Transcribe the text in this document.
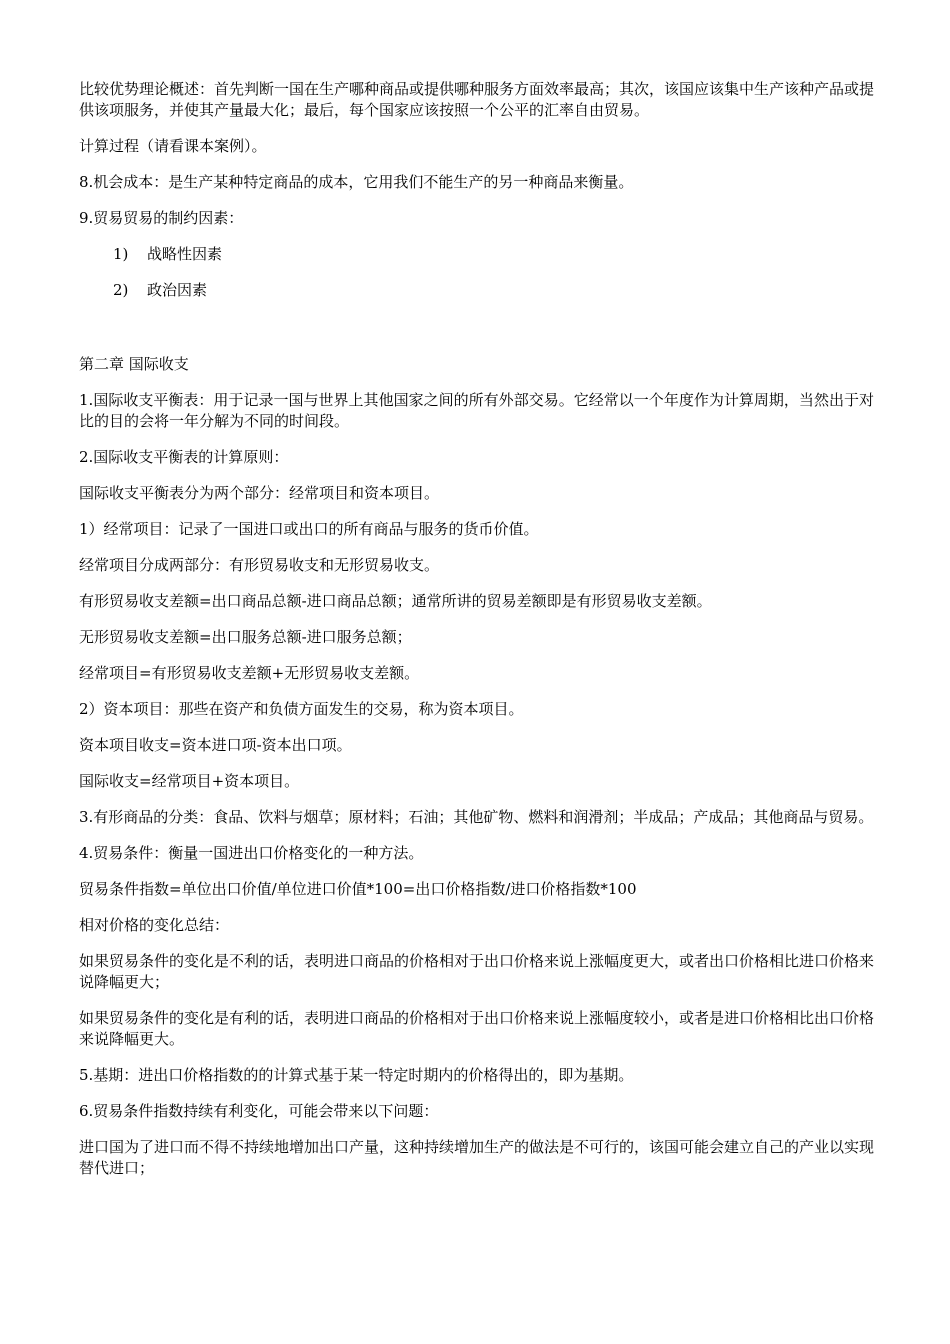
比较优势理论概述：首先判断一国在生产哪种商品或提供哪种服务方面效率最高；其次，该国应该集中生产该种产品或提供该项服务，并使其产量最大化；最后，每个国家应该按照一个公平的汇率自由贸易。

计算过程（请看课本案例）。

8.机会成本：是生产某种特定商品的成本，它用我们不能生产的另一种商品来衡量。

9.贸易贸易的制约因素：

1)	战略性因素
2)	政治因素

第二章 国际收支

1.国际收支平衡表：用于记录一国与世界上其他国家之间的所有外部交易。它经常以一个年度作为计算周期，当然出于对比的目的会将一年分解为不同的时间段。

2.国际收支平衡表的计算原则：

国际收支平衡表分为两个部分：经常项目和资本项目。

1）经常项目：记录了一国进口或出口的所有商品与服务的货币价值。

经常项目分成两部分：有形贸易收支和无形贸易收支。

有形贸易收支差额=出口商品总额-进口商品总额；通常所讲的贸易差额即是有形贸易收支差额。

无形贸易收支差额=出口服务总额-进口服务总额；

经常项目=有形贸易收支差额+无形贸易收支差额。

2）资本项目：那些在资产和负债方面发生的交易，称为资本项目。

资本项目收支=资本进口项-资本出口项。

国际收支=经常项目+资本项目。

3.有形商品的分类：食品、饮料与烟草；原材料；石油；其他矿物、燃料和润滑剂；半成品；产成品；其他商品与贸易。

4.贸易条件：衡量一国进出口价格变化的一种方法。

贸易条件指数=单位出口价值/单位进口价值*100=出口价格指数/进口价格指数*100

相对价格的变化总结：

如果贸易条件的变化是不利的话，表明进口商品的价格相对于出口价格来说上涨幅度更大，或者出口价格相比进口价格来说降幅更大；

如果贸易条件的变化是有利的话，表明进口商品的价格相对于出口价格来说上涨幅度较小，或者是进口价格相比出口价格来说降幅更大。

5.基期：进出口价格指数的的计算式基于某一特定时期内的价格得出的，即为基期。

6.贸易条件指数持续有利变化，可能会带来以下问题：

进口国为了进口而不得不持续地增加出口产量，这种持续增加生产的做法是不可行的，该国可能会建立自己的产业以实现替代进口；
